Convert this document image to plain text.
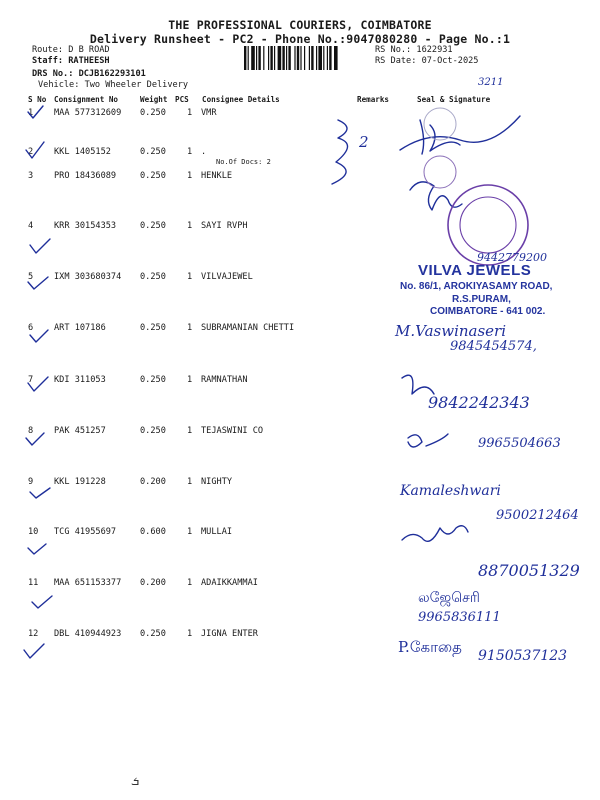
THE PROFESSIONAL COURIERS, COIMBATORE
Delivery Runsheet - PC2 - Phone No.:9047080280 - Page No.:1
Route: D B ROAD
Staff: RATHEESH
DRS No.: DCJB162293101
Vehicle: Two Wheeler Delivery
RS No.: 1622931
RS Date: 07-Oct-2025
S No Consignment No	Weight PCS Consignee Details	Remarks	Seal & Signature
1 MAA 577312609 0.250 1 VMR
2 KKL 1405152	0.250 1 .
No.Of Docs: 2
3 PRO 18436089	0.250 1 HENKLE
4 KRR 30154353	0.250 1 SAYI RVPH
5 IXM 303680374 0.250 1 VILVAJEWEL
6 ART 107186	0.250 1 SUBRAMANIAN CHETTI
7 KDI 311053	0.250 1 RAMNATHAN
8 PAK 451257	0.250 1 TEJASWINI CO
9 KKL 191228	0.200 1 NIGHTY
10 TCG 41955697	0.600 1 MULLAI
11 MAA 651153377 0.200 1 ADAIKKAMMAI
12 DBL 410944923 0.250 1 JIGNA ENTER
2
3211
9442779200
VILVA JEWELS
No. 86/1, AROKIYASAMY ROAD,
R.S.PURAM,
COIMBATORE - 641 002.
M.Vaswinaseri
9845454574,
9842242343
9965504663
Kamaleshwari
9500212464
8870051329
லஜேசெரி
9965836111
P.கோதை 9150537123
ܭ
